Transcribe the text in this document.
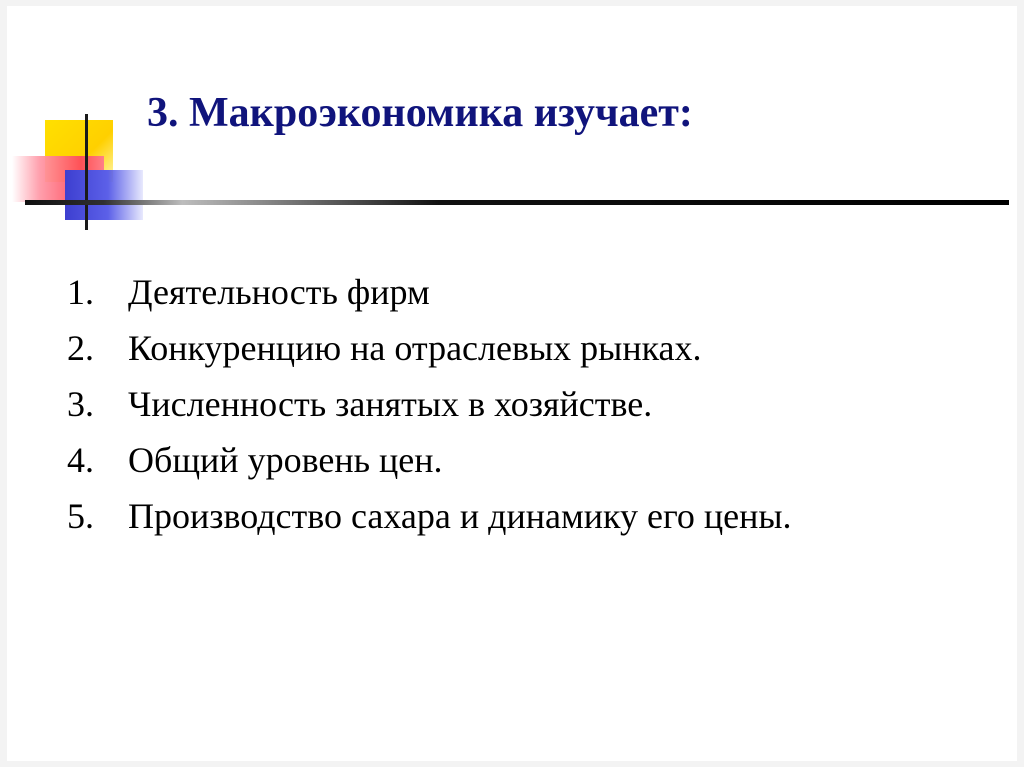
3. Макроэкономика изучает:
1. Деятельность фирм
2. Конкуренцию на отраслевых рынках.
3. Численность занятых в хозяйстве.
4. Общий уровень цен.
5. Производство сахара и динамику его цены.
